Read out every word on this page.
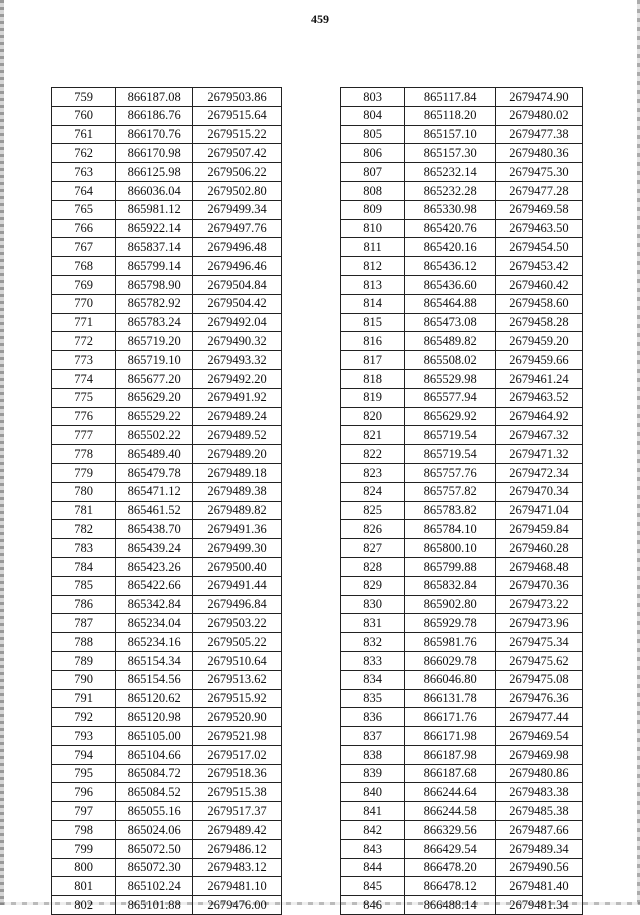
459
759	866187.08	2679503.86
760	866186.76	2679515.64
761	866170.76	2679515.22
762	866170.98	2679507.42
763	866125.98	2679506.22
764	866036.04	2679502.80
765	865981.12	2679499.34
766	865922.14	2679497.76
767	865837.14	2679496.48
768	865799.14	2679496.46
769	865798.90	2679504.84
770	865782.92	2679504.42
771	865783.24	2679492.04
772	865719.20	2679490.32
773	865719.10	2679493.32
774	865677.20	2679492.20
775	865629.20	2679491.92
776	865529.22	2679489.24
777	865502.22	2679489.52
778	865489.40	2679489.20
779	865479.78	2679489.18
780	865471.12	2679489.38
781	865461.52	2679489.82
782	865438.70	2679491.36
783	865439.24	2679499.30
784	865423.26	2679500.40
785	865422.66	2679491.44
786	865342.84	2679496.84
787	865234.04	2679503.22
788	865234.16	2679505.22
789	865154.34	2679510.64
790	865154.56	2679513.62
791	865120.62	2679515.92
792	865120.98	2679520.90
793	865105.00	2679521.98
794	865104.66	2679517.02
795	865084.72	2679518.36
796	865084.52	2679515.38
797	865055.16	2679517.37
798	865024.06	2679489.42
799	865072.50	2679486.12
800	865072.30	2679483.12
801	865102.24	2679481.10
802	865101.88	2679476.00
803	865117.84	2679474.90
804	865118.20	2679480.02
805	865157.10	2679477.38
806	865157.30	2679480.36
807	865232.14	2679475.30
808	865232.28	2679477.28
809	865330.98	2679469.58
810	865420.76	2679463.50
811	865420.16	2679454.50
812	865436.12	2679453.42
813	865436.60	2679460.42
814	865464.88	2679458.60
815	865473.08	2679458.28
816	865489.82	2679459.20
817	865508.02	2679459.66
818	865529.98	2679461.24
819	865577.94	2679463.52
820	865629.92	2679464.92
821	865719.54	2679467.32
822	865719.54	2679471.32
823	865757.76	2679472.34
824	865757.82	2679470.34
825	865783.82	2679471.04
826	865784.10	2679459.84
827	865800.10	2679460.28
828	865799.88	2679468.48
829	865832.84	2679470.36
830	865902.80	2679473.22
831	865929.78	2679473.96
832	865981.76	2679475.34
833	866029.78	2679475.62
834	866046.80	2679475.08
835	866131.78	2679476.36
836	866171.76	2679477.44
837	866171.98	2679469.54
838	866187.98	2679469.98
839	866187.68	2679480.86
840	866244.64	2679483.38
841	866244.58	2679485.38
842	866329.56	2679487.66
843	866429.54	2679489.34
844	866478.20	2679490.56
845	866478.12	2679481.40
846	866488.14	2679481.34
